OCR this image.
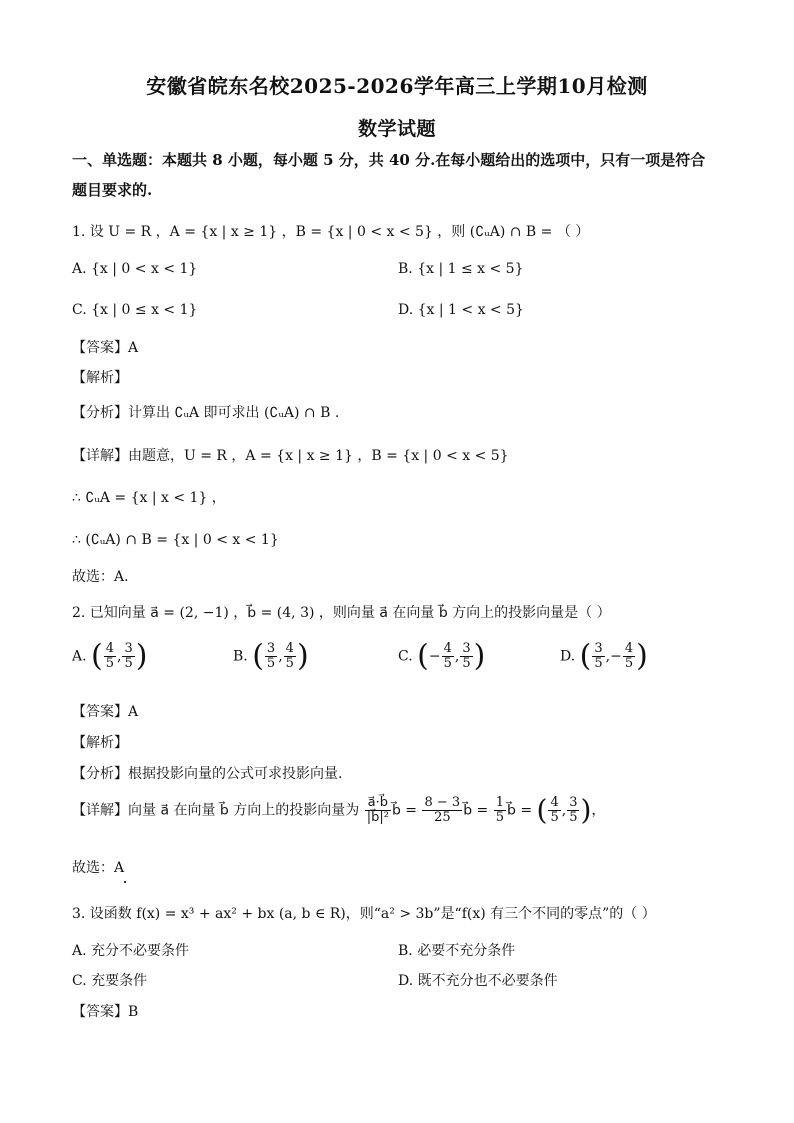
安徽省皖东名校2025-2026学年高三上学期10月检测
数学试题
一、单选题：本题共 8 小题，每小题 5 分，共 40 分.在每小题给出的选项中，只有一项是符合
题目要求的.
1. 设 U = R ，A = {x | x ≥ 1} ，B = {x | 0 < x < 5} ，则 (∁ᵤA) ∩ B = （ ）
A. {x | 0 < x < 1}	B. {x | 1 ≤ x < 5}
C. {x | 0 ≤ x < 1}	D. {x | 1 < x < 5}
【答案】A
【解析】
【分析】计算出 ∁ᵤA 即可求出 (∁ᵤA) ∩ B .
【详解】由题意，U = R ，A = {x | x ≥ 1} ，B = {x | 0 < x < 5}
∴ ∁ᵤA = {x | x < 1} ，
∴ (∁ᵤA) ∩ B = {x | 0 < x < 1}
故选：A.
2. 已知向量 a⃗ = (2, −1) ，b⃗ = (4, 3) ，则向量 a⃗ 在向量 b⃗ 方向上的投影向量是（ ）
A. ( $\frac{4}{5}$ , $\frac{3}{5}$ )	B. ( $\frac{3}{5}$ , $\frac{4}{5}$ )	C. (− $\frac{4}{5}$ , $\frac{3}{5}$ )	D. ( $\frac{3}{5}$ ,− $\frac{4}{5}$ )
【答案】A
【解析】
【分析】根据投影向量的公式可求投影向量.
【详解】向量 a⃗ 在向量 b⃗ 方向上的投影向量为 $\frac{a⃗\cdot b⃗}{\text{|b⃗|²}}$ b⃗ = $\frac{8 - 3}{25}$ b⃗ = $\frac{1}{5}$ b⃗ = ( $\frac{4}{5}$ , $\frac{3}{5}$ )，
故选：A
3. 设函数 f(x) = x³ + ax² + bx (a, b ∈ R)，则“a² > 3b”是“f(x) 有三个不同的零点”的（ ）
A. 充分不必要条件	B. 必要不充分条件
C. 充要条件	D. 既不充分也不必要条件
【答案】B
